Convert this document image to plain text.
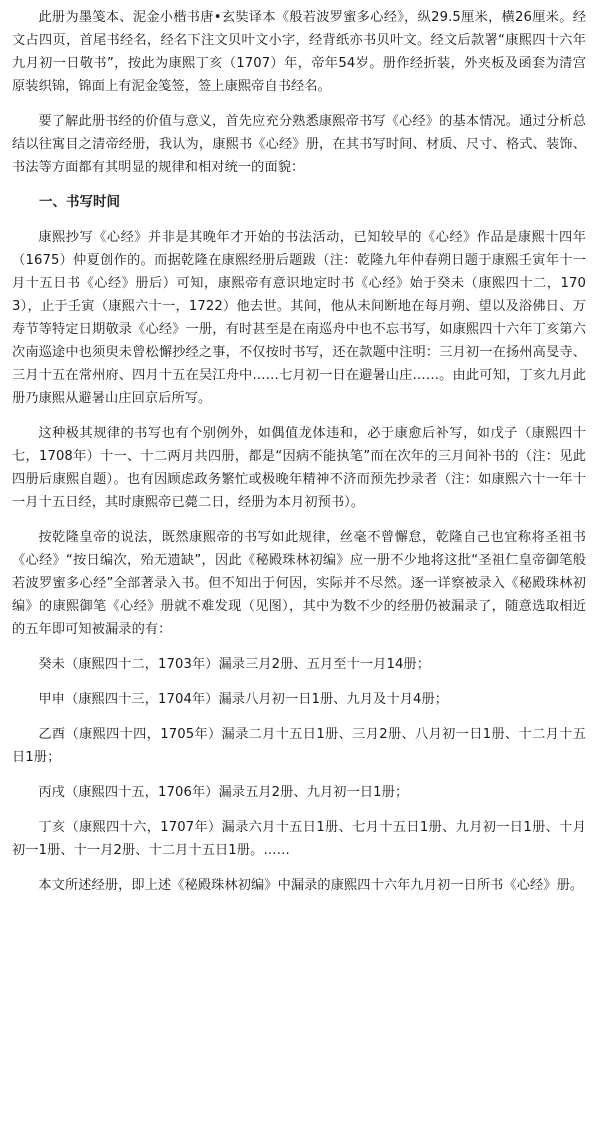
此册为墨笺本、泥金小楷书唐•玄奘译本《般若波罗蜜多心经》，纵29.5厘米，横26厘米。经文占四页，首尾书经名，经名下注文贝叶文小字，经背纸亦书贝叶文。经文后款署“康熙四十六年九月初一日敬书”，按此为康熙丁亥（1707）年，帝年54岁。册作经折装，外夹板及函套为清宫原装织锦，锦面上有泥金笺签，签上康熙帝自书经名。

要了解此册书经的价值与意义，首先应充分熟悉康熙帝书写《心经》的基本情况。通过分析总结以往寓目之清帝经册，我认为，康熙书《心经》册，在其书写时间、材质、尺寸、格式、装饰、书法等方面都有其明显的规律和相对统一的面貌：

一、书写时间

康熙抄写《心经》并非是其晚年才开始的书法活动，已知较早的《心经》作品是康熙十四年（1675）仲夏创作的。而据乾隆在康熙经册后题跋（注：乾隆九年仲春朔日题于康熙壬寅年十一月十五日书《心经》册后）可知，康熙帝有意识地定时书《心经》始于癸未（康熙四十二，1703），止于壬寅（康熙六十一，1722）他去世。其间，他从未间断地在每月朔、望以及浴佛日、万寿节等特定日期敬录《心经》一册，有时甚至是在南巡舟中也不忘书写，如康熙四十六年丁亥第六次南巡途中也须臾未曾松懈抄经之事，不仅按时书写，还在款题中注明：三月初一在扬州高旻寺、三月十五在常州府、四月十五在吴江舟中……七月初一日在避暑山庄……。由此可知，丁亥九月此册乃康熙从避暑山庄回京后所写。

这种极其规律的书写也有个别例外，如偶值龙体违和，必于康愈后补写，如戊子（康熙四十七，1708年）十一、十二两月共四册，都是“因病不能执笔”而在次年的三月间补书的（注：见此四册后康熙自题）。也有因顾虑政务繁忙或极晚年精神不济而预先抄录者（注：如康熙六十一年十一月十五日经，其时康熙帝已薨二日，经册为本月初预书）。

按乾隆皇帝的说法，既然康熙帝的书写如此规律，丝毫不曾懈怠，乾隆自己也宜称将圣祖书《心经》“按日编次，殆无遗缺”，因此《秘殿珠林初编》应一册不少地将这批“圣祖仁皇帝御笔般若波罗蜜多心经”全部著录入书。但不知出于何因，实际并不尽然。逐一详察被录入《秘殿珠林初编》的康熙御笔《心经》册就不难发现（见图），其中为数不少的经册仍被漏录了，随意选取相近的五年即可知被漏录的有：

癸未（康熙四十二，1703年）漏录三月2册、五月至十一月14册；

甲申（康熙四十三，1704年）漏录八月初一日1册、九月及十月4册；

乙酉（康熙四十四，1705年）漏录二月十五日1册、三月2册、八月初一日1册、十二月十五日1册；

丙戌（康熙四十五，1706年）漏录五月2册、九月初一日1册；

丁亥（康熙四十六，1707年）漏录六月十五日1册、七月十五日1册、九月初一日1册、十月初一1册、十一月2册、十二月十五日1册。……

本文所述经册，即上述《秘殿珠林初编》中漏录的康熙四十六年九月初一日所书《心经》册。
